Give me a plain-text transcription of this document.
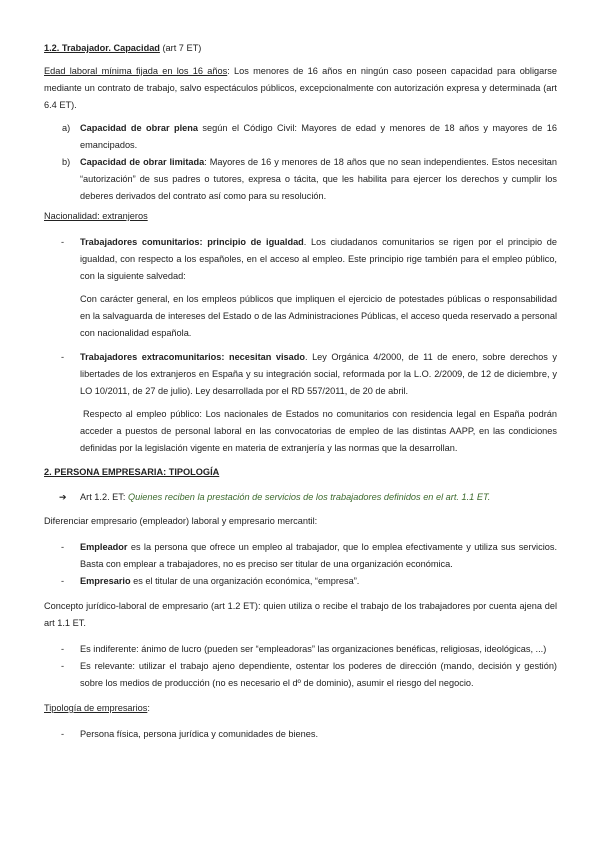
1.2. Trabajador. Capacidad (art 7 ET)

Edad laboral mínima fijada en los 16 años: Los menores de 16 años en ningún caso poseen capacidad para obligarse mediante un contrato de trabajo, salvo espectáculos públicos, excepcionalmente con autorización expresa y determinada (art 6.4 ET).

a) Capacidad de obrar plena según el Código Civil: Mayores de edad y menores de 18 años y mayores de 16 emancipados.
b) Capacidad de obrar limitada: Mayores de 16 y menores de 18 años que no sean independientes. Estos necesitan “autorización” de sus padres o tutores, expresa o tácita, que les habilita para ejercer los derechos y cumplir los deberes derivados del contrato así como para su resolución.

Nacionalidad: extranjeros

- Trabajadores comunitarios: principio de igualdad. Los ciudadanos comunitarios se rigen por el principio de igualdad, con respecto a los españoles, en el acceso al empleo. Este principio rige también para el empleo público, con la siguiente salvedad:

Con carácter general, en los empleos públicos que impliquen el ejercicio de potestades públicas o responsabilidad en la salvaguarda de intereses del Estado o de las Administraciones Públicas, el acceso queda reservado a personal con nacionalidad española.

- Trabajadores extracomunitarios: necesitan visado. Ley Orgánica 4/2000, de 11 de enero, sobre derechos y libertades de los extranjeros en España y su integración social, reformada por la L.O. 2/2009, de 12 de diciembre, y LO 10/2011, de 27 de julio). Ley desarrollada por el RD 557/2011, de 20 de abril.

Respecto al empleo público: Los nacionales de Estados no comunitarios con residencia legal en España podrán acceder a puestos de personal laboral en las convocatorias de empleo de las distintas AAPP, en las condiciones definidas por la legislación vigente en materia de extranjería y las normas que la desarrollan.

2. PERSONA EMPRESARIA: TIPOLOGÍA

➔ Art 1.2. ET: Quienes reciben la prestación de servicios de los trabajadores definidos en el art. 1.1 ET.

Diferenciar empresario (empleador) laboral y empresario mercantil:

- Empleador es la persona que ofrece un empleo al trabajador, que lo emplea efectivamente y utiliza sus servicios. Basta con emplear a trabajadores, no es preciso ser titular de una organización económica.
- Empresario es el titular de una organización económica, “empresa”.

Concepto jurídico-laboral de empresario (art 1.2 ET): quien utiliza o recibe el trabajo de los trabajadores por cuenta ajena del art 1.1 ET.

- Es indiferente: ánimo de lucro (pueden ser “empleadoras” las organizaciones benéficas, religiosas, ideológicas, ...)
- Es relevante: utilizar el trabajo ajeno dependiente, ostentar los poderes de dirección (mando, decisión y gestión) sobre los medios de producción (no es necesario el dº de dominio), asumir el riesgo del negocio.

Tipología de empresarios:

- Persona física, persona jurídica y comunidades de bienes.
